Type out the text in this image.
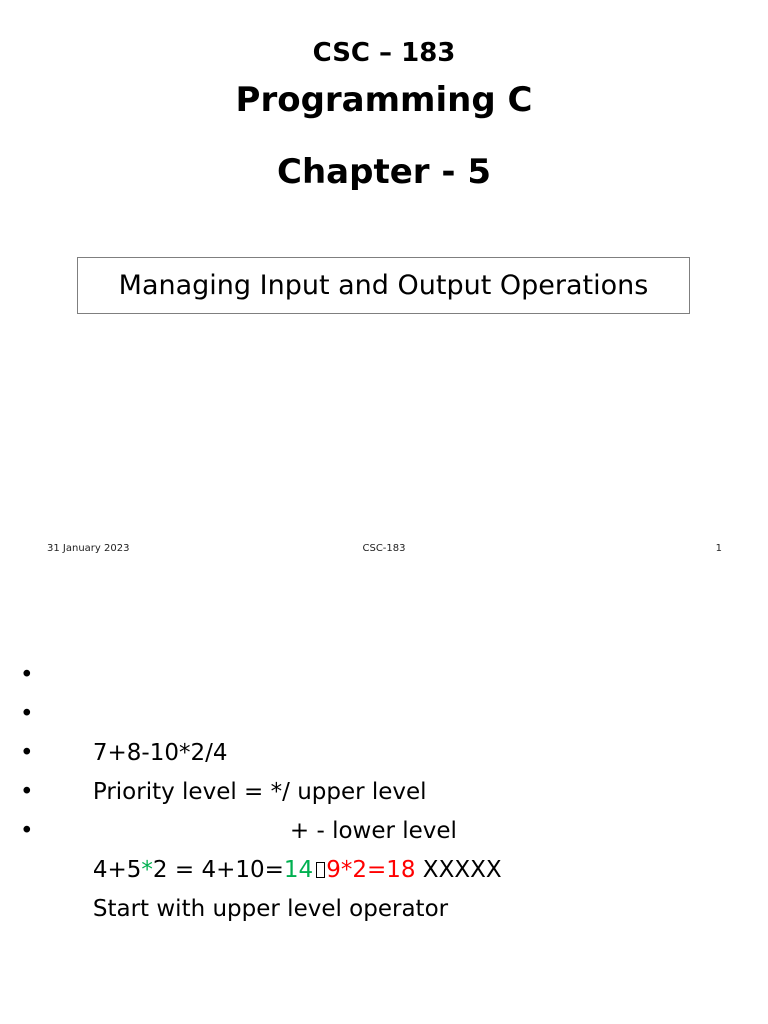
CSC – 183
Programming C
Chapter - 5
Managing Input and Output Operations
31 January 2023	CSC-183	1

•

7+8-10*2/4

•

Priority level = */ upper level

•

+ - lower level

•

4+5*2 = 4+10=14 9*2=18 XXXXX

•

Start with upper level operator
